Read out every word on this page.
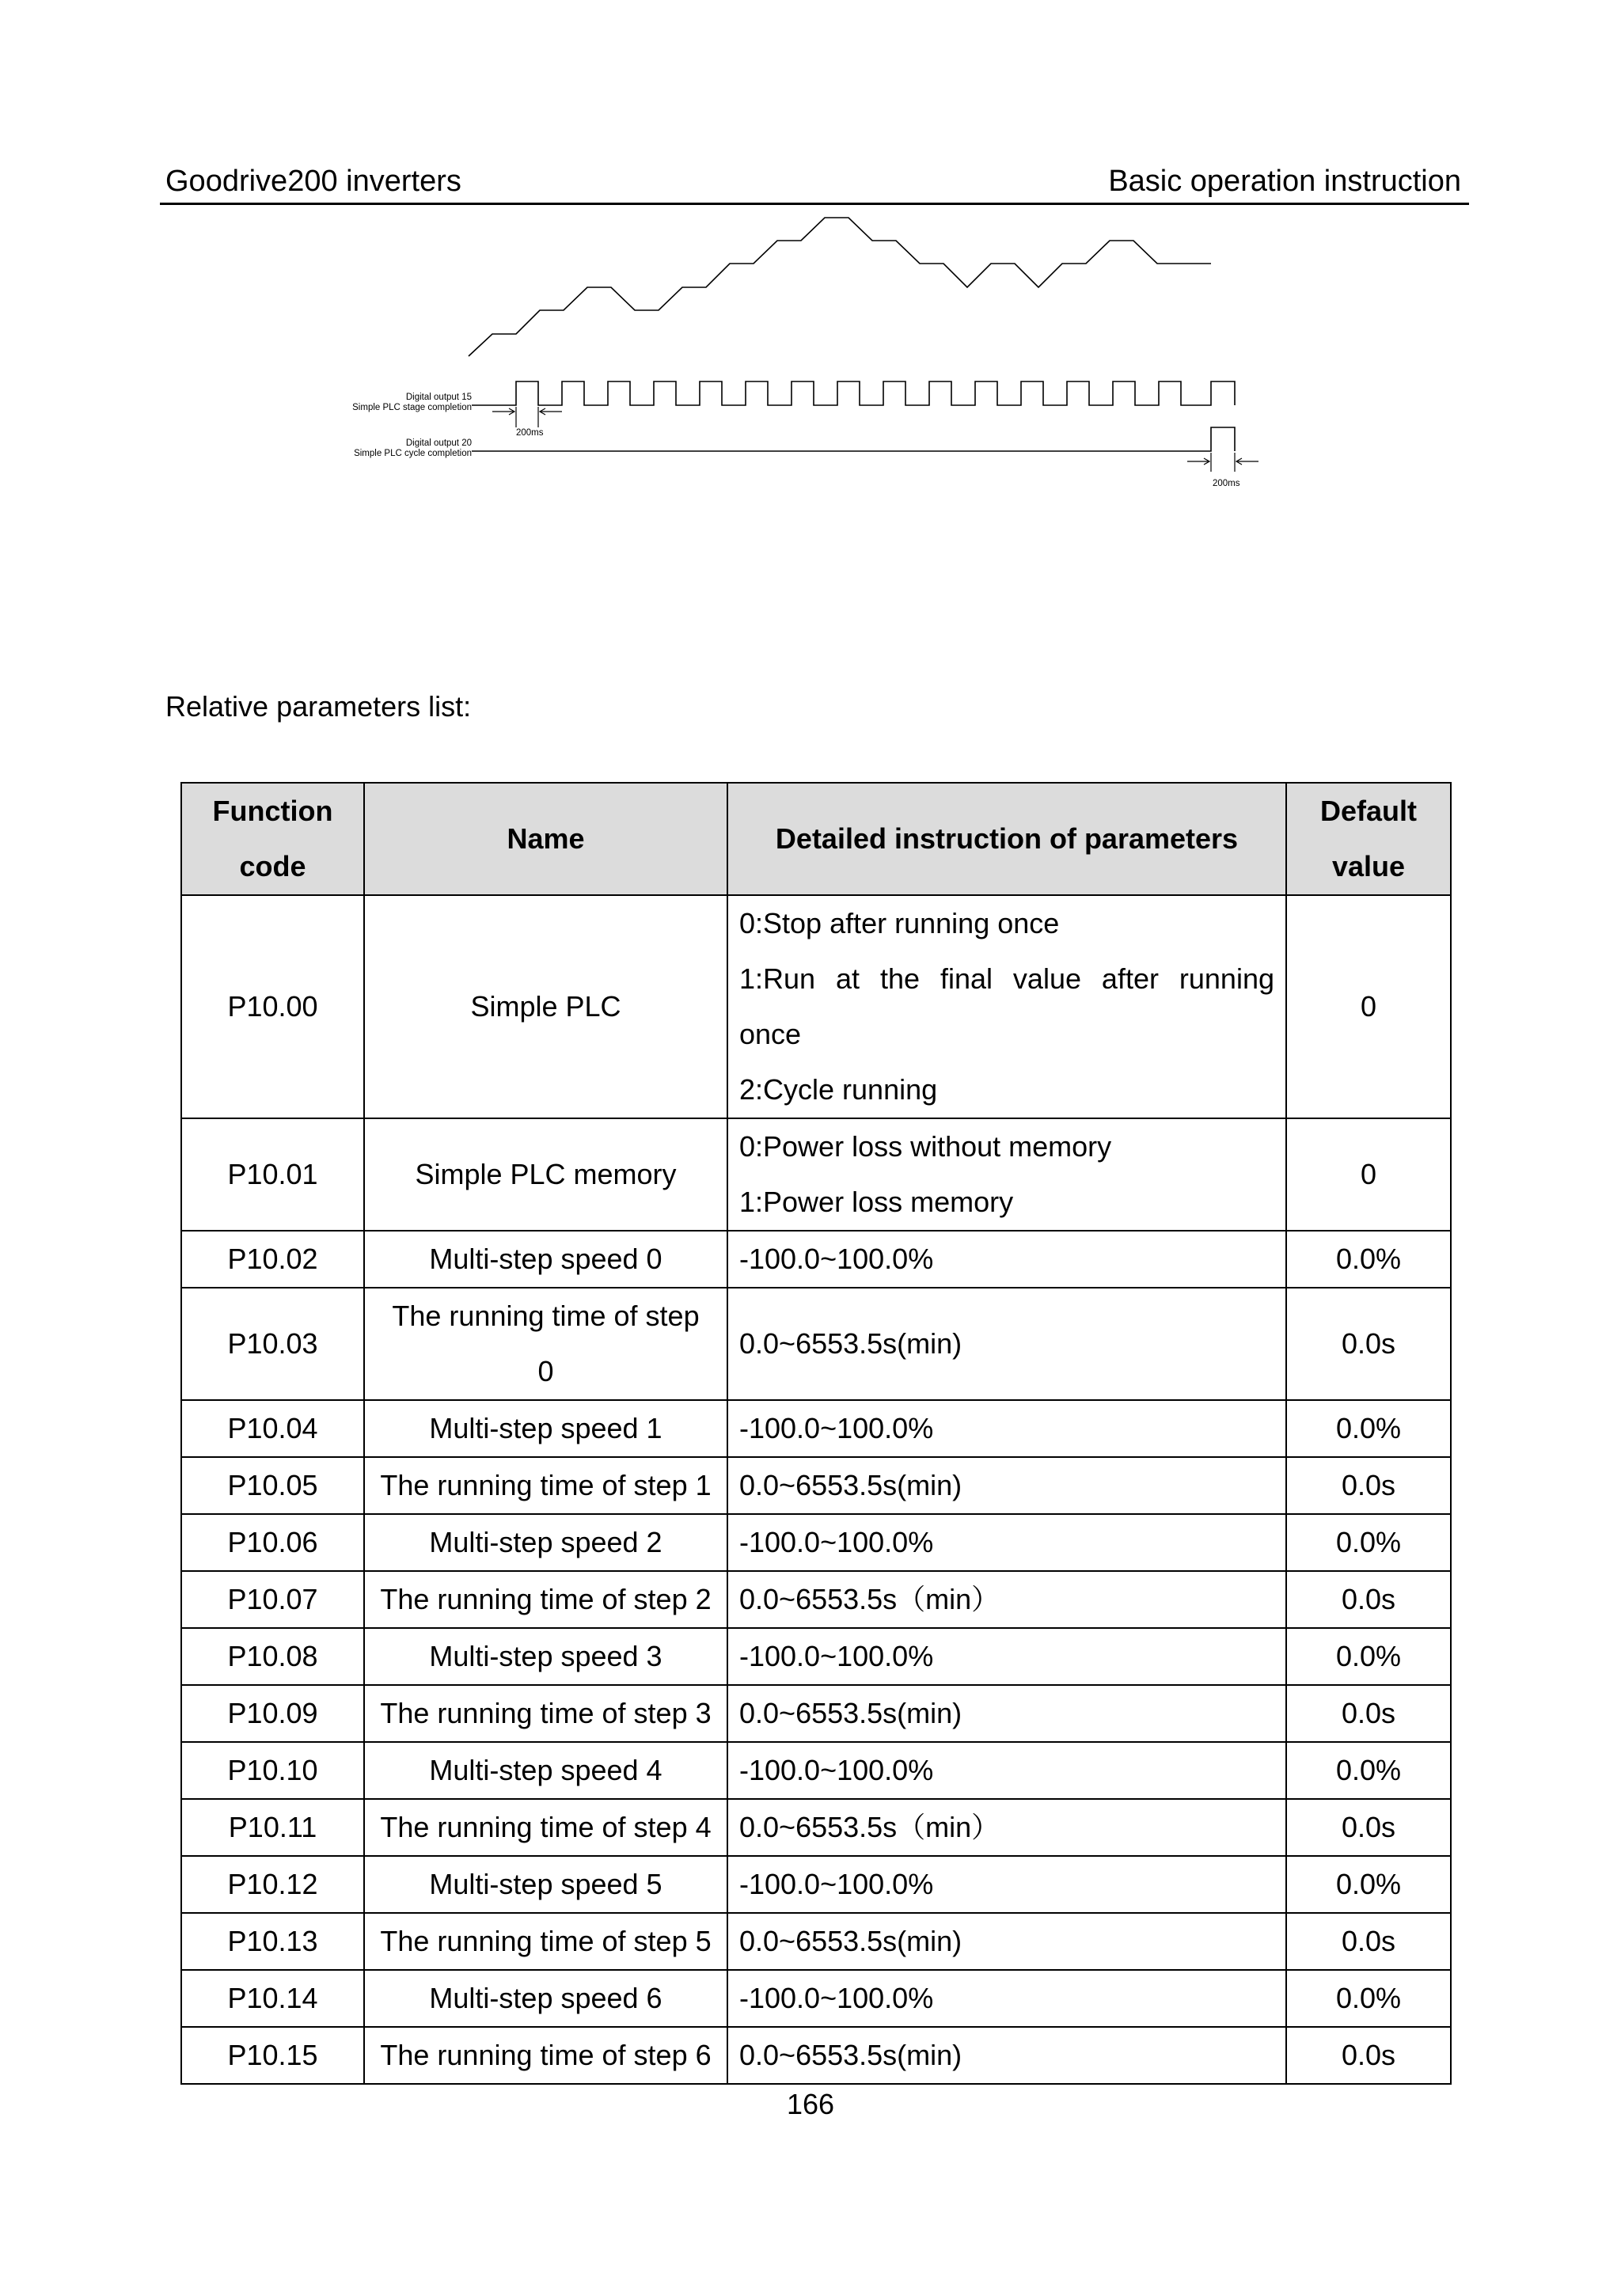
Goodrive200 inverters	Basic operation instruction
Digital output 15
Simple PLC stage completion
200ms
Digital output 20
Simple PLC cycle completion
200ms
Relative parameters list:
Function
code	Name	Detailed instruction of parameters	Default
value

P10.00	Simple PLC	0:Stop after running once
1:Run at the final value after running
once
2:Cycle running	0
P10.01	Simple PLC memory	0:Power loss without memory
1:Power loss memory	0
P10.02	Multi-step speed 0	-100.0~100.0%	0.0%
P10.03	The running time of step
0	0.0~6553.5s(min)	0.0s
P10.04	Multi-step speed 1	-100.0~100.0%	0.0%
P10.05	The running time of step 1	0.0~6553.5s(min)	0.0s
P10.06	Multi-step speed 2	-100.0~100.0%	0.0%
P10.07	The running time of step 2	0.0~6553.5s（min）	0.0s
P10.08	Multi-step speed 3	-100.0~100.0%	0.0%
P10.09	The running time of step 3	0.0~6553.5s(min)	0.0s
P10.10	Multi-step speed 4	-100.0~100.0%	0.0%
P10.11	The running time of step 4	0.0~6553.5s（min）	0.0s
P10.12	Multi-step speed 5	-100.0~100.0%	0.0%
P10.13	The running time of step 5	0.0~6553.5s(min)	0.0s
P10.14	Multi-step speed 6	-100.0~100.0%	0.0%
P10.15	The running time of step 6	0.0~6553.5s(min)	0.0s
166
